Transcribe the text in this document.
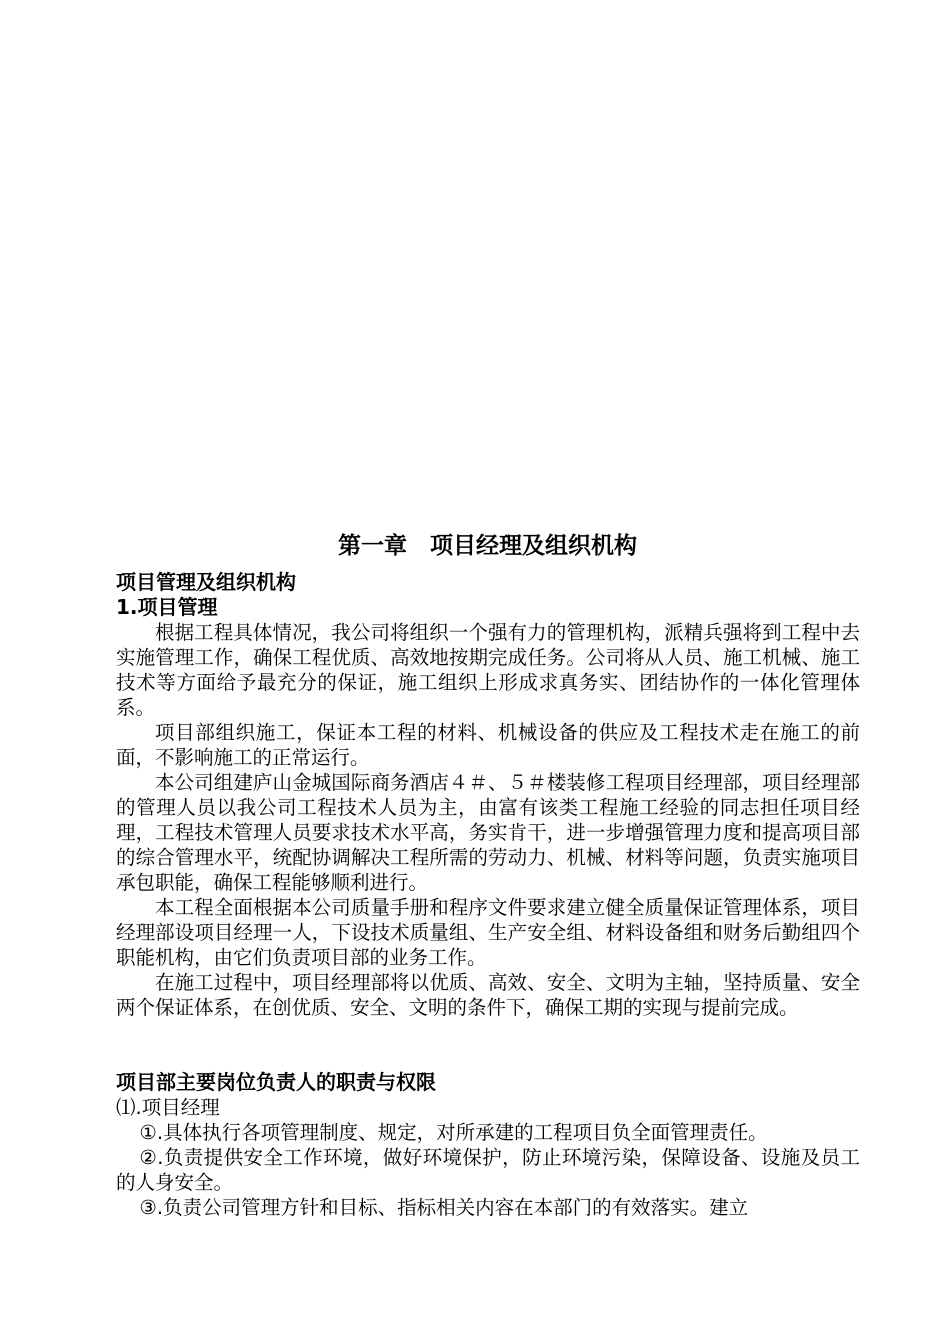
第一章　项目经理及组织机构

项目管理及组织机构

1.项目管理

根据工程具体情况，我公司将组织一个强有力的管理机构，派精兵强将到工程中去实施管理工作，确保工程优质、高效地按期完成任务。公司将从人员、施工机械、施工技术等方面给予最充分的保证，施工组织上形成求真务实、团结协作的一体化管理体系。

项目部组织施工，保证本工程的材料、机械设备的供应及工程技术走在施工的前面，不影响施工的正常运行。

本公司组建庐山金城国际商务酒店４＃、５＃楼装修工程项目经理部，项目经理部的管理人员以我公司工程技术人员为主，由富有该类工程施工经验的同志担任项目经理，工程技术管理人员要求技术水平高，务实肯干，进一步增强管理力度和提高项目部的综合管理水平，统配协调解决工程所需的劳动力、机械、材料等问题，负责实施项目承包职能，确保工程能够顺利进行。

本工程全面根据本公司质量手册和程序文件要求建立健全质量保证管理体系，项目经理部设项目经理一人，下设技术质量组、生产安全组、材料设备组和财务后勤组四个职能机构，由它们负责项目部的业务工作。

在施工过程中，项目经理部将以优质、高效、安全、文明为主轴，坚持质量、安全两个保证体系，在创优质、安全、文明的条件下，确保工期的实现与提前完成。

项目部主要岗位负责人的职责与权限

⑴.项目经理

①.具体执行各项管理制度、规定，对所承建的工程项目负全面管理责任。

②.负责提供安全工作环境，做好环境保护，防止环境污染，保障设备、设施及员工的人身安全。

③.负责公司管理方针和目标、指标相关内容在本部门的有效落实。建立
